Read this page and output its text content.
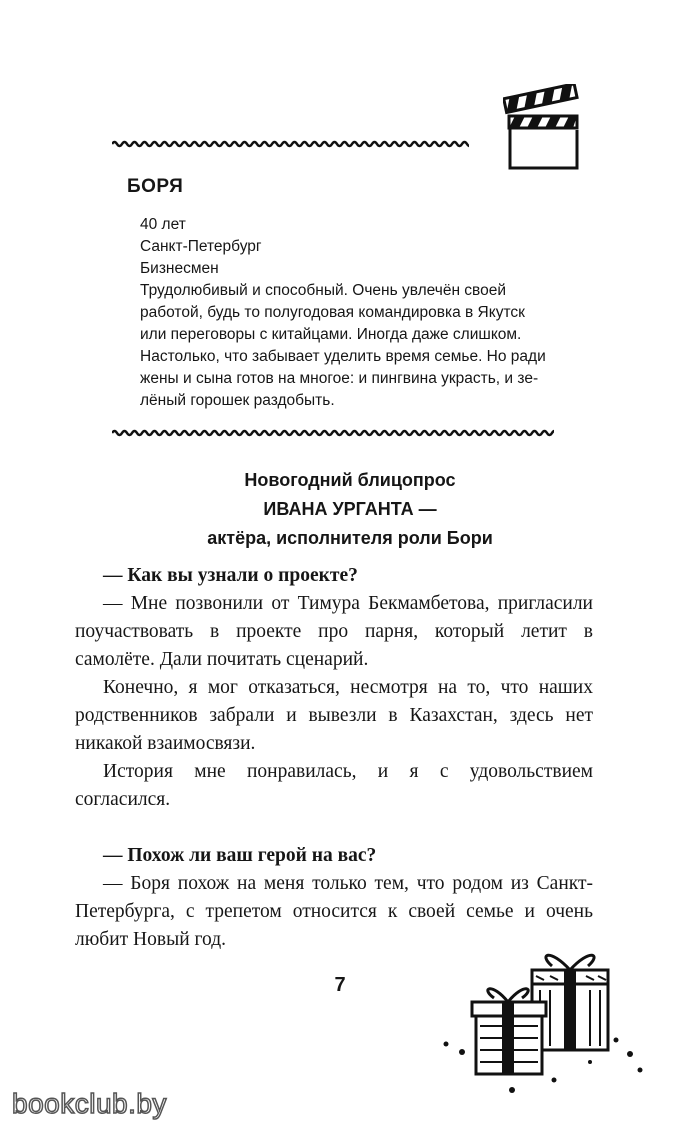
БОРЯ
40 лет
Санкт-Петербург
Бизнесмен
Трудолюбивый и способный. Очень увлечён своей
работой, будь то полугодовая командировка в Якутск
или переговоры с китайцами. Иногда даже слишком.
Настолько, что забывает уделить время семье. Но ради
жены и сына готов на многое: и пингвина украсть, и зе-
лёный горошек раздобыть.
Новогодний блицопрос
ИВАНА УРГАНТА —
актёра, исполнителя роли Бори
— Как вы узнали о проекте?
— Мне позвонили от Тимура Бекмамбетова, пригласили поучаствовать в проекте про парня, который летит в самолёте. Дали почитать сценарий.
Конечно, я мог отказаться, несмотря на то, что наших родственников забрали и вывезли в Казахстан, здесь нет никакой взаимосвязи.
История мне понравилась, и я с удовольствием согласился.
— Похож ли ваш герой на вас?
— Боря похож на меня только тем, что родом из Санкт-Петербурга, с трепетом относится к своей семье и очень любит Новый год.
7
bookclub.by
